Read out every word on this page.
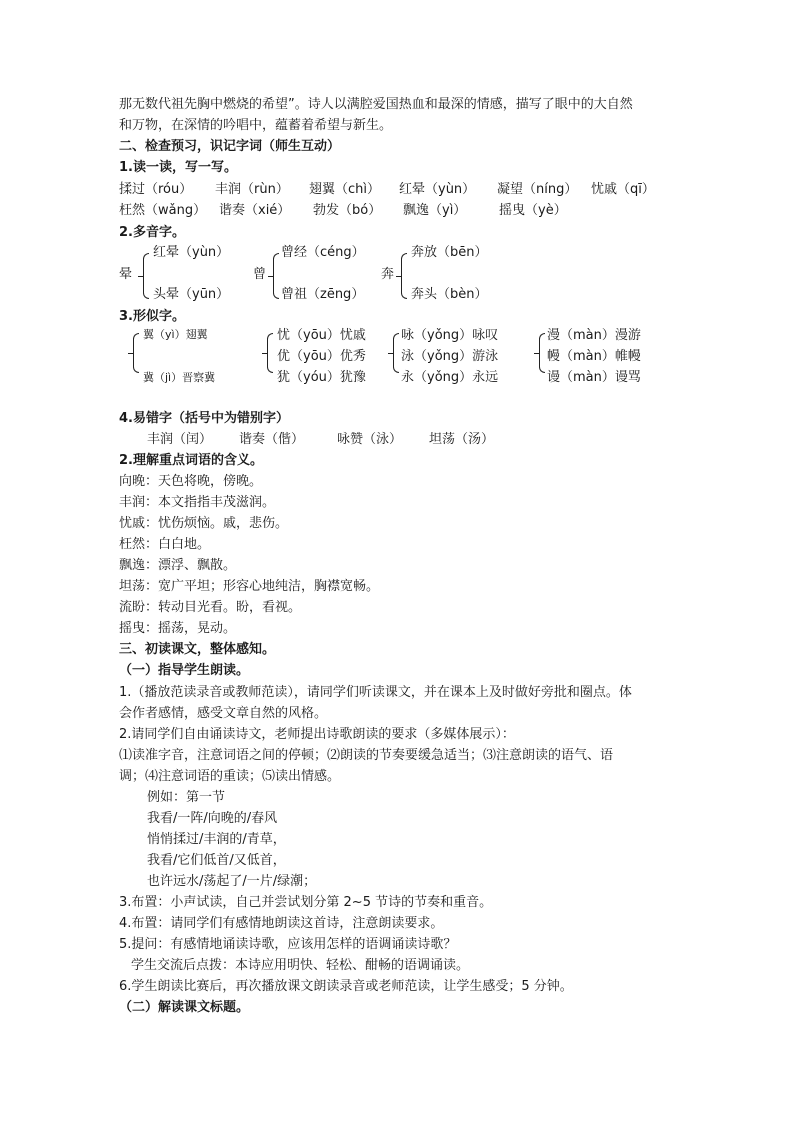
那无数代祖先胸中燃烧的希望”。诗人以满腔爱国热血和最深的情感，描写了眼中的大自然
和万物，在深情的吟唱中，蕴蓄着希望与新生。
二、检查预习，识记字词（师生互动）
1.读一读，写一写。
揉过（róu） 丰润（rùn） 翅翼（chì） 红晕（yùn） 凝望（níng） 忧戚（qī）
枉然（wǎng） 谐奏（xié） 勃发（bó） 飘逸（yì）	摇曳（yè）
2.多音字。
晕
红晕（yùn）
头晕（yūn）
曾
曾经（céng）
曾祖（zēng）
奔
奔放（bēn）
奔头（bèn）
3.形似字。
翼（yì）翅翼
冀（jì）晋察冀
忧（yōu）忧戚
优（yōu）优秀
犹（yóu）犹豫
咏（yǒng）咏叹
泳（yǒng）游泳
永（yǒng）永远
漫（màn）漫游
幔（màn）帷幔
谩（màn）谩骂
4.易错字（括号中为错别字）
丰润（闰） 谐奏（偕）	咏赞（泳） 坦荡（汤）
2.理解重点词语的含义。
向晚：天色将晚，傍晚。
丰润：本文指指丰茂滋润。
忧戚：忧伤烦恼。戚，悲伤。
枉然：白白地。
飘逸：漂浮、飘散。
坦荡：宽广平坦；形容心地纯洁，胸襟宽畅。
流盼：转动目光看。盼，看视。
摇曳：摇荡，晃动。
三、初读课文，整体感知。
（一）指导学生朗读。
1.（播放范读录音或教师范读），请同学们听读课文，并在课本上及时做好旁批和圈点。体
会作者感情，感受文章自然的风格。
2.请同学们自由诵读诗文，老师提出诗歌朗读的要求（多媒体展示）：
⑴读准字音，注意词语之间的停顿；⑵朗读的节奏要缓急适当；⑶注意朗读的语气、语
调；⑷注意词语的重读；⑸读出情感。
例如：第一节
我看/一阵/向晚的/春风
悄悄揉过/丰润的/青草，
我看/它们低首/又低首，
也许远水/荡起了/一片/绿潮；
3.布置：小声试读，自己并尝试划分第 2~5 节诗的节奏和重音。
4.布置：请同学们有感情地朗读这首诗，注意朗读要求。
5.提问：有感情地诵读诗歌，应该用怎样的语调诵读诗歌？
学生交流后点拨：本诗应用明快、轻松、酣畅的语调诵读。
6.学生朗读比赛后，再次播放课文朗读录音或老师范读，让学生感受；5 分钟。
（二）解读课文标题。
